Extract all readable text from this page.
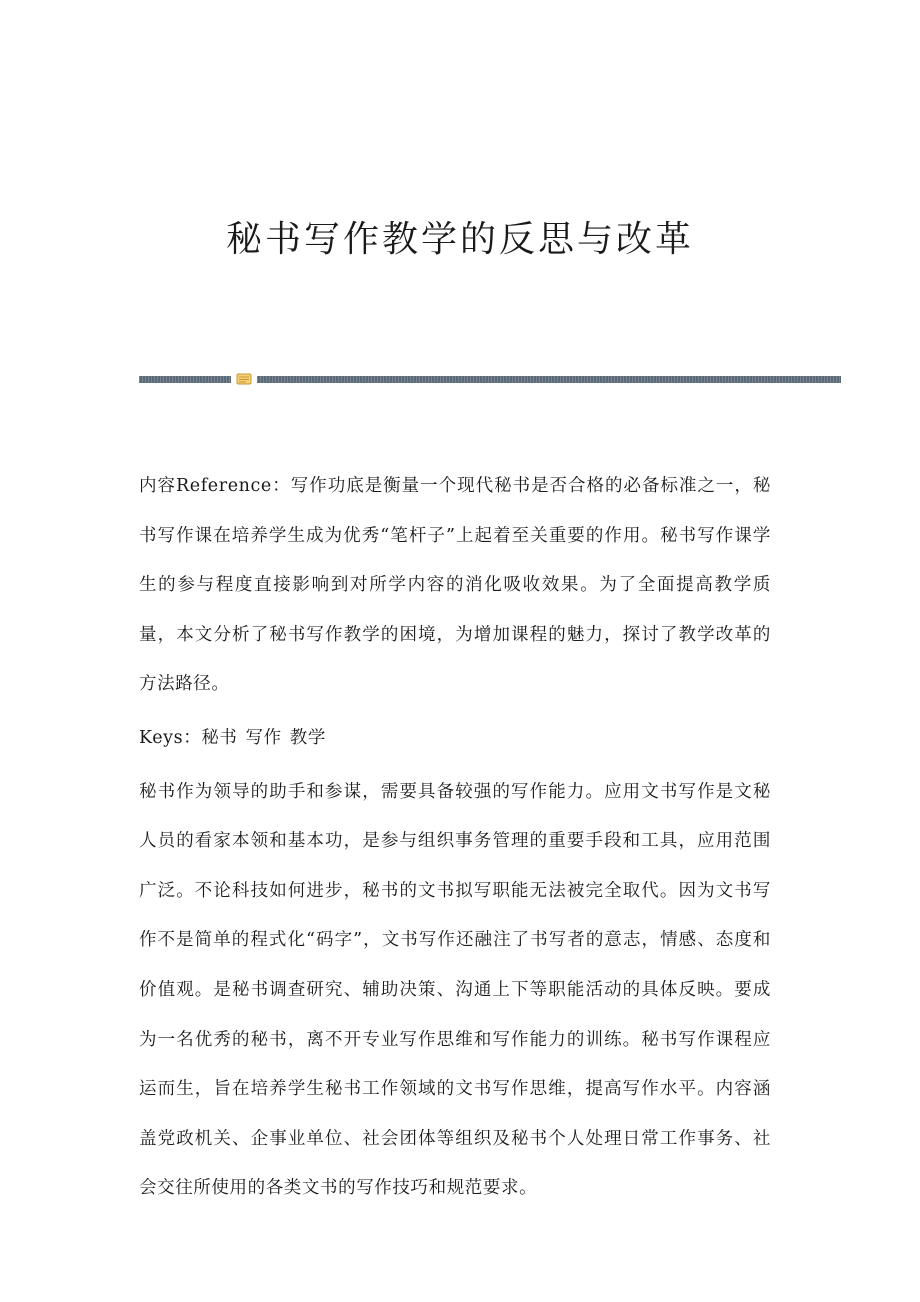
秘书写作教学的反思与改革

内容Reference：写作功底是衡量一个现代秘书是否合格的必备标准之一，秘书写作课在培养学生成为优秀“笔杆子”上起着至关重要的作用。秘书写作课学生的参与程度直接影响到对所学内容的消化吸收效果。为了全面提高教学质量，本文分析了秘书写作教学的困境，为增加课程的魅力，探讨了教学改革的方法路径。

Keys：秘书 写作 教学

秘书作为领导的助手和参谋，需要具备较强的写作能力。应用文书写作是文秘人员的看家本领和基本功，是参与组织事务管理的重要手段和工具，应用范围广泛。不论科技如何进步，秘书的文书拟写职能无法被完全取代。因为文书写作不是简单的程式化“码字”，文书写作还融注了书写者的意志，情感、态度和价值观。是秘书调查研究、辅助决策、沟通上下等职能活动的具体反映。要成为一名优秀的秘书，离不开专业写作思维和写作能力的训练。秘书写作课程应运而生，旨在培养学生秘书工作领域的文书写作思维，提高写作水平。内容涵盖党政机关、企事业单位、社会团体等组织及秘书个人处理日常工作事务、社会交往所使用的各类文书的写作技巧和规范要求。
